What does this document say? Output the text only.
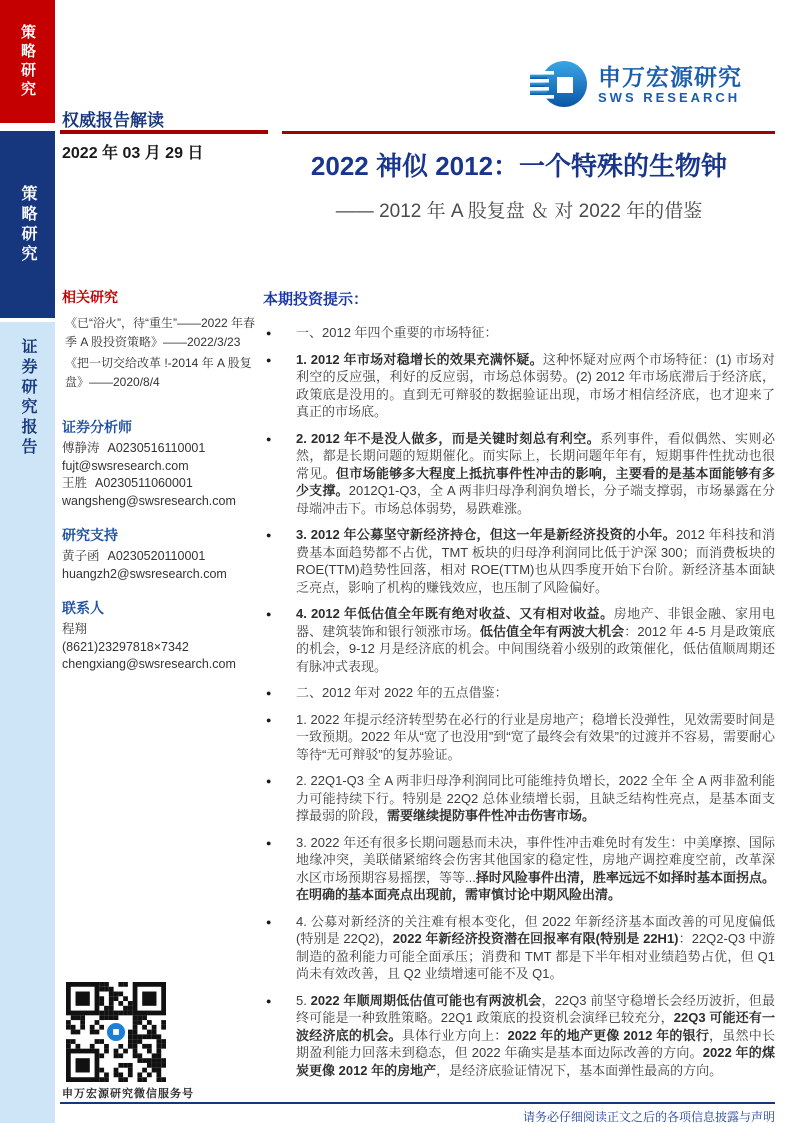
策略研究
策略研究
证券研究报告
权威报告解读
2022 年 03 月 29 日
申万宏源研究
SWS RESEARCH
2022 神似 2012：一个特殊的生物钟
—— 2012 年 A 股复盘 ＆ 对 2022 年的借鉴
相关研究
《已“浴火”，待“重生”——2022 年春季 A 股投资策略》——2022/3/23
《把一切交给改革 !-2014 年 A 股复盘》——2020/8/4
证券分析师
傅静涛 A0230516110001
fujt@swsresearch.com
王胜 A0230511060001
wangsheng@swsresearch.com
研究支持
黄子函 A0230520110001
huangzh2@swsresearch.com
联系人
程翔
(8621)23297818×7342
chengxiang@swsresearch.com
本期投资提示：
● 一、2012 年四个重要的市场特征：
● 1. 2012 年市场对稳增长的效果充满怀疑。这种怀疑对应两个市场特征：(1) 市场对利空的反应强，利好的反应弱，市场总体弱势。(2) 2012 年市场底滞后于经济底，政策底是没用的。直到无可辩驳的数据验证出现，市场才相信经济底，也才迎来了真正的市场底。
● 2. 2012 年不是没人做多，而是关键时刻总有利空。系列事件，看似偶然、实则必然，都是长期问题的短期催化。而实际上，长期问题年年有，短期事件性扰动也很常见。但市场能够多大程度上抵抗事件性冲击的影响，主要看的是基本面能够有多少支撑。2012Q1-Q3，全 A 两非归母净利润负增长，分子端支撑弱，市场暴露在分母端冲击下。市场总体弱势，易跌难涨。
● 3. 2012 年公募坚守新经济持仓，但这一年是新经济投资的小年。2012 年科技和消费基本面趋势都不占优，TMT 板块的归母净利润同比低于沪深 300；而消费板块的 ROE(TTM)趋势性回落，相对 ROE(TTM)也从四季度开始下台阶。新经济基本面缺乏亮点，影响了机构的赚钱效应，也压制了风险偏好。
● 4. 2012 年低估值全年既有绝对收益、又有相对收益。房地产、非银金融、家用电器、建筑装饰和银行领涨市场。低估值全年有两波大机会：2012 年 4-5 月是政策底的机会，9-12 月是经济底的机会。中间围绕着小级别的政策催化，低估值顺周期还有脉冲式表现。
● 二、2012 年对 2022 年的五点借鉴：
● 1. 2022 年提示经济转型势在必行的行业是房地产；稳增长没弹性，见效需要时间是一致预期。2022 年从“宽了也没用”到“宽了最终会有效果”的过渡并不容易，需要耐心等待“无可辩驳”的复苏验证。
● 2. 22Q1-Q3 全 A 两非归母净利润同比可能维持负增长，2022 全年 全 A 两非盈利能力可能持续下行。特别是 22Q2 总体业绩增长弱，且缺乏结构性亮点，是基本面支撑最弱的阶段，需要继续提防事件性冲击伤害市场。
● 3. 2022 年还有很多长期问题悬而未决，事件性冲击难免时有发生：中美摩擦、国际地缘冲突，美联储紧缩终会伤害其他国家的稳定性，房地产调控难度空前，改革深水区市场预期容易摇摆，等等...择时风险事件出清，胜率远远不如择时基本面拐点。在明确的基本面亮点出现前，需审慎讨论中期风险出清。
● 4. 公募对新经济的关注难有根本变化，但 2022 年新经济基本面改善的可见度偏低(特别是 22Q2)，2022 年新经济投资潜在回报率有限(特别是 22H1)：22Q2-Q3 中游制造的盈利能力可能全面承压；消费和 TMT 都是下半年相对业绩趋势占优，但 Q1 尚未有效改善，且 Q2 业绩增速可能不及 Q1。
● 5. 2022 年顺周期低估值可能也有两波机会，22Q3 前坚守稳增长会经历波折，但最终可能是一种致胜策略。22Q1 政策底的投资机会演绎已较充分，22Q3 可能还有一波经济底的机会。具体行业方向上：2022 年的地产更像 2012 年的银行，虽然中长期盈利能力回落未到稳态，但 2022 年确实是基本面边际改善的方向。2022 年的煤炭更像 2012 年的房地产，是经济底验证情况下，基本面弹性最高的方向。
申万宏源研究微信服务号
请务必仔细阅读正文之后的各项信息披露与声明
